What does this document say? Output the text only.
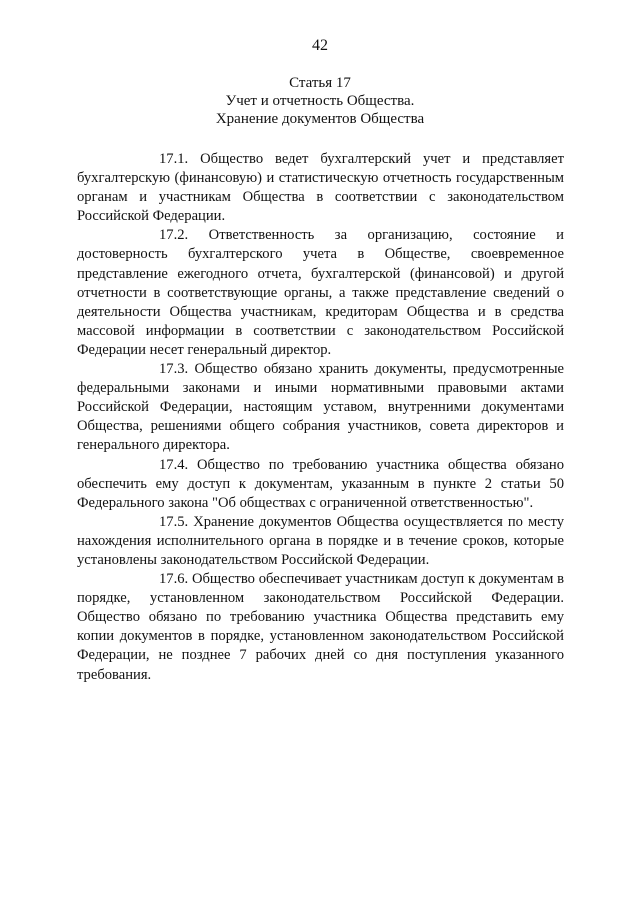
42
Статья 17
Учет и отчетность Общества.
Хранение документов Общества

17.1. Общество ведет бухгалтерский учет и представляет бухгалтерскую (финансовую) и статистическую отчетность государственным органам и участникам Общества в соответствии с законодательством Российской Федерации.

17.2. Ответственность за организацию, состояние и достоверность бухгалтерского учета в Обществе, своевременное представление ежегодного отчета, бухгалтерской (финансовой) и другой отчетности в соответствующие органы, а также представление сведений о деятельности Общества участникам, кредиторам Общества и в средства массовой информации в соответствии с законодательством Российской Федерации несет генеральный директор.

17.3. Общество обязано хранить документы, предусмотренные федеральными законами и иными нормативными правовыми актами Российской Федерации, настоящим уставом, внутренними документами Общества, решениями общего собрания участников, совета директоров и генерального директора.

17.4. Общество по требованию участника общества обязано обеспечить ему доступ к документам, указанным в пункте 2 статьи 50 Федерального закона "Об обществах с ограниченной ответственностью".

17.5. Хранение документов Общества осуществляется по месту нахождения исполнительного органа в порядке и в течение сроков, которые установлены законодательством Российской Федерации.

17.6. Общество обеспечивает участникам доступ к документам в порядке, установленном законодательством Российской Федерации. Общество обязано по требованию участника Общества представить ему копии документов в порядке, установленном законодательством Российской Федерации, не позднее 7 рабочих дней со дня поступления указанного требования.
